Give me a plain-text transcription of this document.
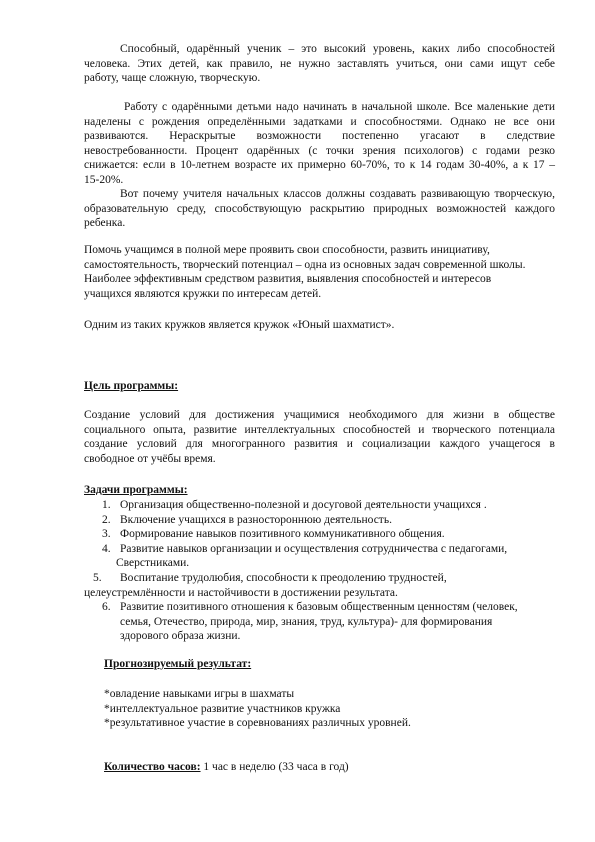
Способный, одарённый ученик – это высокий уровень, каких либо способностей
человека. Этих детей, как правило, не нужно заставлять учиться, они сами ищут себе
работу, чаще сложную, творческую.

Работу с одарёнными детьми надо начинать в начальной школе. Все маленькие дети
наделены с рождения определёнными задатками и способностями. Однако не все они
развиваются. Нераскрытые возможности постепенно угасают в следствие
невостребованности. Процент одарённых (с точки зрения психологов) с годами резко
снижается: если в 10-летнем возрасте их примерно 60-70%, то к 14 годам 30-40%, а к 17 –
15-20%.

Вот почему учителя начальных классов должны создавать развивающую творческую,
образовательную среду, способствующую раскрытию природных возможностей каждого
ребенка.

Помочь учащимся в полной мере проявить свои способности, развить инициативу,
самостоятельность, творческий потенциал – одна из основных задач современной школы.
Наиболее эффективным средством развития, выявления способностей и интересов
учащихся являются кружки по интересам детей.

Одним из таких кружков является кружок «Юный шахматист».

Цель программы:

Создание условий для достижения учащимися необходимого для жизни в обществе
социального опыта, развитие интеллектуальных способностей и творческого потенциала
создание условий для многогранного развития и социализации каждого учащегося в
свободное от учёбы время.

Задачи программы:

1. Организация общественно-полезной и досуговой деятельности учащихся .
2. Включение учащихся в разностороннюю деятельность.
3. Формирование навыков позитивного коммуникативного общения.
4. Развитие навыков организации и осуществления сотрудничества с педагогами,
Сверстниками.
5. Воспитание трудолюбия, способности к преодолению трудностей,
целеустремлённости и настойчивости в достижении результата.
6. Развитие позитивного отношения к базовым общественным ценностям (человек,
семья, Отечество, природа, мир, знания, труд, культура)- для формирования
здорового образа жизни.

Прогнозируемый результат:

*овладение навыками игры в шахматы
*интеллектуальное развитие участников кружка
*результативное участие в соревнованиях различных уровней.

Количество часов: 1 час в неделю (33 часа в год)
